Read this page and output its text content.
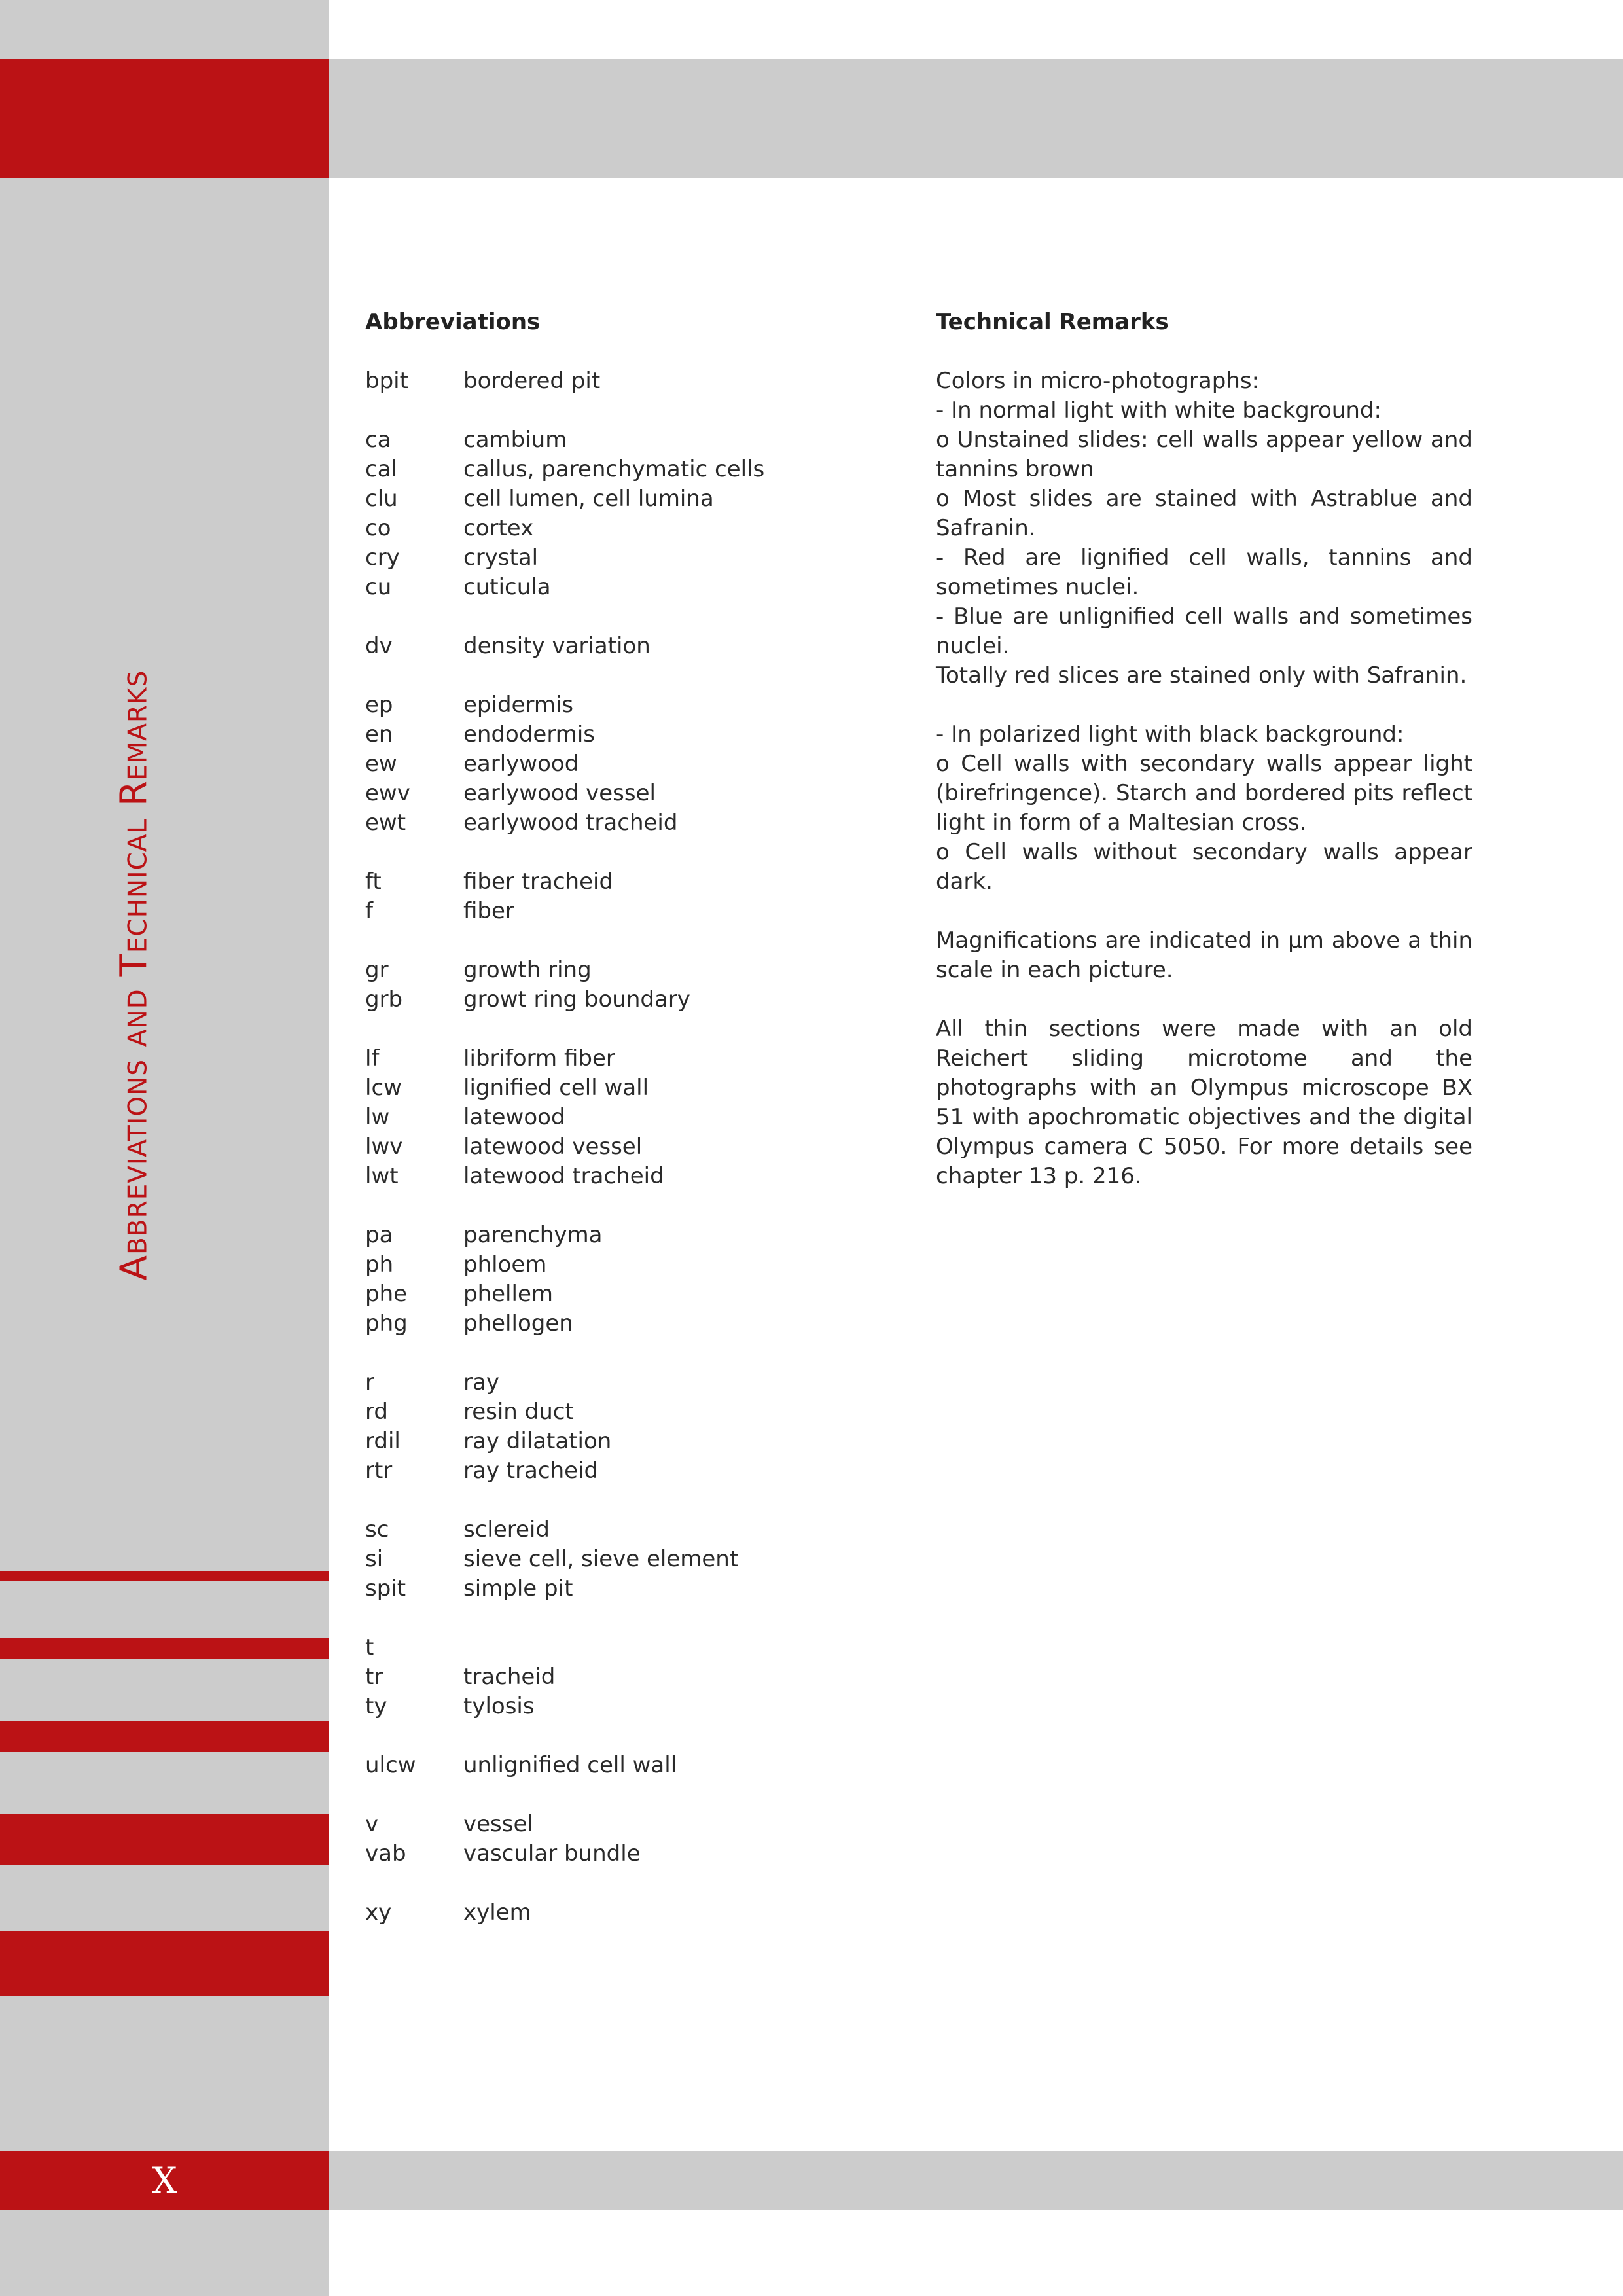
Abbreviations and Technical Remarks
X
Abbreviations
bpit	bordered pit
ca	cambium
cal	callus, parenchymatic cells
clu	cell lumen, cell lumina
co	cortex
cry	crystal
cu	cuticula
dv	density variation
ep	epidermis
en	endodermis
ew	earlywood
ewv	earlywood vessel
ewt	earlywood tracheid
ft	fiber tracheid
f	fiber
gr	growth ring
grb	growt ring boundary
lf	libriform fiber
lcw	lignified cell wall
lw	latewood
lwv	latewood vessel
lwt	latewood tracheid
pa	parenchyma
ph	phloem
phe	phellem
phg	phellogen
r	ray
rd	resin duct
rdil	ray dilatation
rtr	ray tracheid
sc	sclereid
si	sieve cell, sieve element
spit	simple pit
t
tr	tracheid
ty	tylosis
ulcw	unlignified cell wall
v	vessel
vab	vascular bundle
xy	xylem
Technical Remarks

Colors in micro-photographs:

- In normal light with white background:

o Unstained slides: cell walls appear yellow and tannins brown

o Most slides are stained with Astrablue and Safranin.

- Red are lignified cell walls, tannins and sometimes nuclei.

- Blue are unlignified cell walls and sometimes nuclei.

Totally red slices are stained only with Safranin.

- In polarized light with black background:

o Cell walls with secondary walls appear light (birefringence). Starch and bordered pits reflect light in form of a Maltesian cross.

o Cell walls without secondary walls appear dark.

Magnifications are indicated in µm above a thin scale in each picture.

All thin sections were made with an old Reichert sliding microtome and the photographs with an Olympus microscope BX 51 with apochromatic objectives and the digital Olympus camera C 5050. For more details see chapter 13 p. 216.
